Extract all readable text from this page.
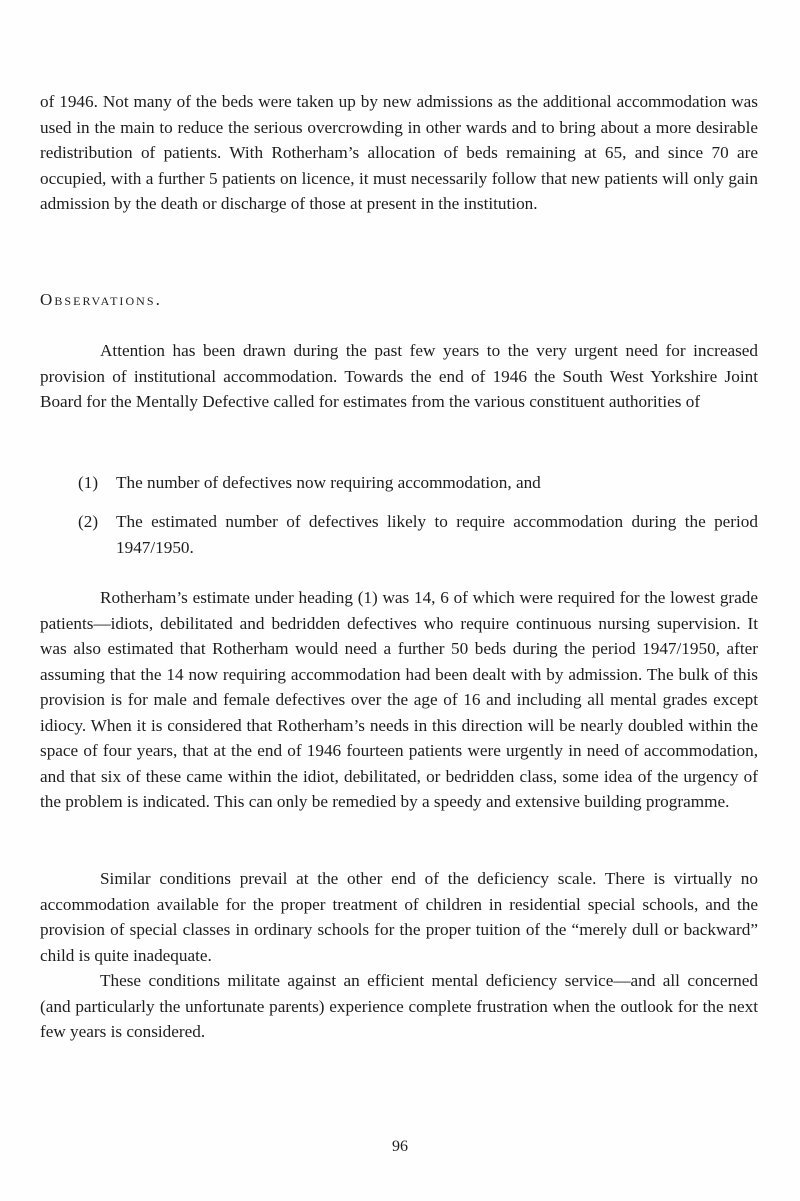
of 1946. Not many of the beds were taken up by new admissions as the additional accommodation was used in the main to reduce the serious overcrowding in other wards and to bring about a more desirable redistribution of patients. With Rotherham’s allocation of beds remaining at 65, and since 70 are occupied, with a further 5 patients on licence, it must necessarily follow that new patients will only gain admission by the death or discharge of those at present in the institution.

Observations.

Attention has been drawn during the past few years to the very urgent need for increased provision of institutional accommodation. Towards the end of 1946 the South West Yorkshire Joint Board for the Mentally Defective called for estimates from the various constituent authorities of

(1) The number of defectives now requiring accommodation, and
(2)	The estimated number of defectives likely to require accommodation during the period 1947/1950.

Rotherham’s estimate under heading (1) was 14, 6 of which were required for the lowest grade patients—idiots, debilitated and bedridden defectives who require continuous nursing supervision. It was also estimated that Rotherham would need a further 50 beds during the period 1947/1950, after assuming that the 14 now requiring accommodation had been dealt with by admission. The bulk of this provision is for male and female defectives over the age of 16 and including all mental grades except idiocy. When it is considered that Rotherham’s needs in this direction will be nearly doubled within the space of four years, that at the end of 1946 fourteen patients were urgently in need of accommodation, and that six of these came within the idiot, debilitated, or bedridden class, some idea of the urgency of the problem is indicated. This can only be remedied by a speedy and extensive building programme.

Similar conditions prevail at the other end of the deficiency scale. There is virtually no accommodation available for the proper treatment of children in residential special schools, and the provision of special classes in ordinary schools for the proper tuition of the “merely dull or backward” child is quite inadequate.

These conditions militate against an efficient mental deficiency service—and all concerned (and particularly the unfortunate parents) experience complete frustration when the outlook for the next few years is considered.

96
